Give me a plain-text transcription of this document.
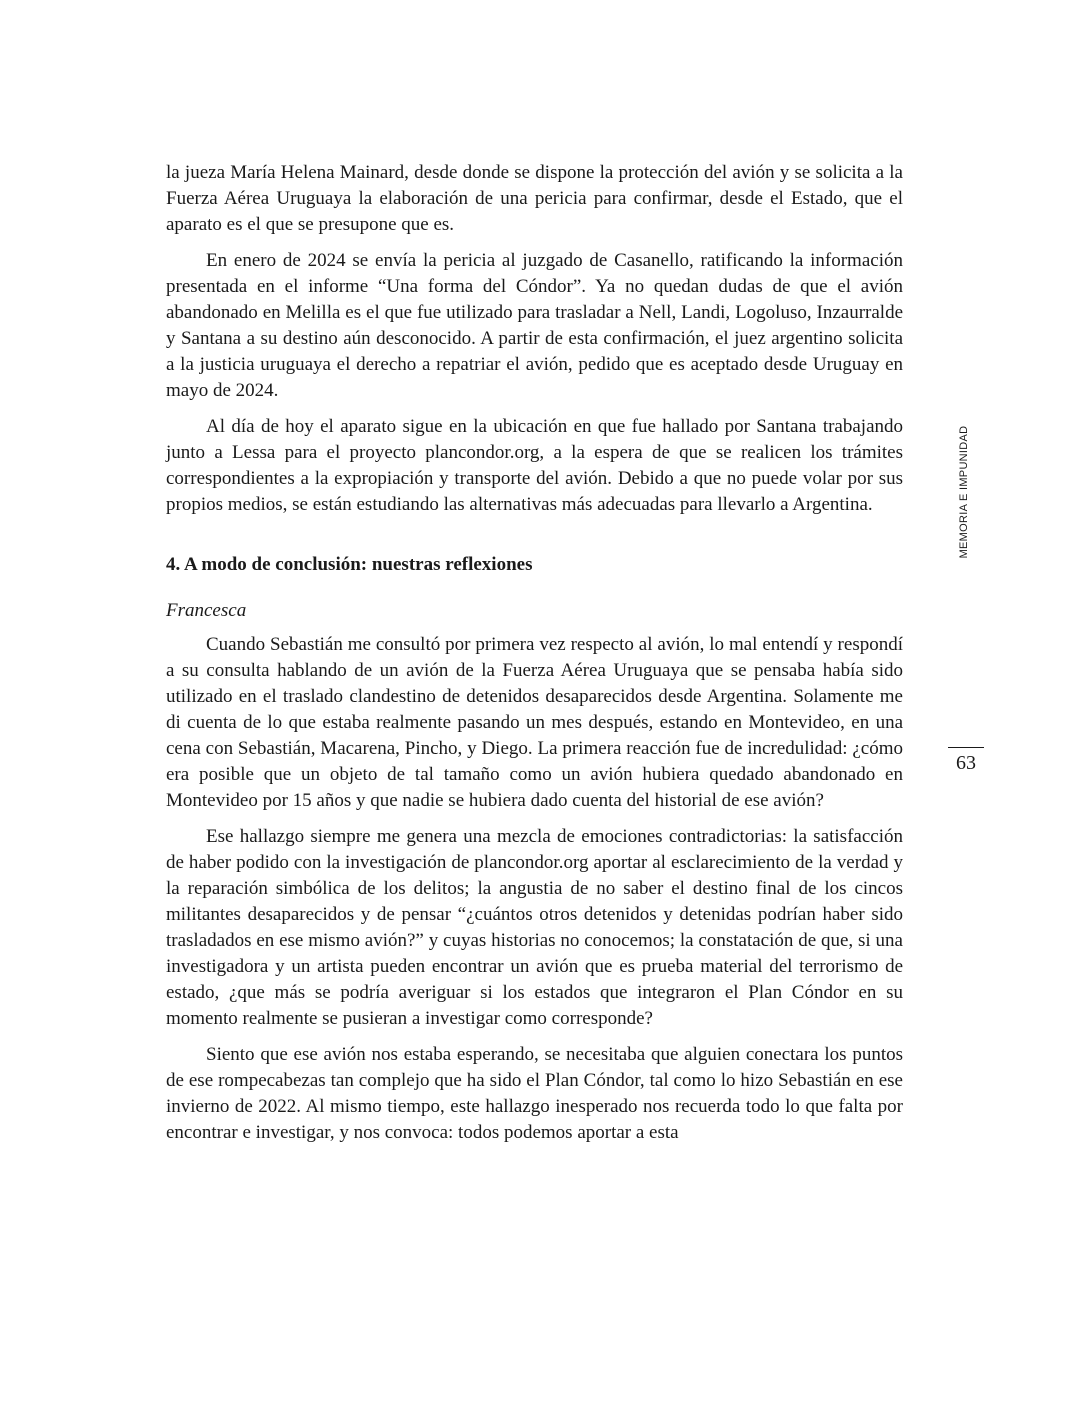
la jueza María Helena Mainard, desde donde se dispone la protección del avión y se solicita a la Fuerza Aérea Uruguaya la elaboración de una pericia para confirmar, desde el Estado, que el aparato es el que se presupone que es.

En enero de 2024 se envía la pericia al juzgado de Casanello, ratificando la información presentada en el informe “Una forma del Cóndor”. Ya no quedan dudas de que el avión abandonado en Melilla es el que fue utilizado para trasladar a Nell, Landi, Logoluso, Inzaurralde y Santana a su destino aún desconocido. A partir de esta confirmación, el juez argentino solicita a la justicia uruguaya el derecho a repatriar el avión, pedido que es aceptado desde Uruguay en mayo de 2024.

Al día de hoy el aparato sigue en la ubicación en que fue hallado por Santana trabajando junto a Lessa para el proyecto plancondor.org, a la espera de que se realicen los trámites correspondientes a la expropiación y transporte del avión. Debido a que no puede volar por sus propios medios, se están estudiando las alternativas más adecuadas para llevarlo a Argentina.

4. A modo de conclusión: nuestras reflexiones
Francesca

Cuando Sebastián me consultó por primera vez respecto al avión, lo mal entendí y respondí a su consulta hablando de un avión de la Fuerza Aérea Uruguaya que se pensaba había sido utilizado en el traslado clandestino de detenidos desaparecidos desde Argentina. Solamente me di cuenta de lo que estaba realmente pasando un mes después, estando en Montevideo, en una cena con Sebastián, Macarena, Pincho, y Diego. La primera reacción fue de incredulidad: ¿cómo era posible que un objeto de tal tamaño como un avión hubiera quedado abandonado en Montevideo por 15 años y que nadie se hubiera dado cuenta del historial de ese avión?

Ese hallazgo siempre me genera una mezcla de emociones contradictorias: la satisfacción de haber podido con la investigación de plancondor.org aportar al esclarecimiento de la verdad y la reparación simbólica de los delitos; la angustia de no saber el destino final de los cincos militantes desaparecidos y de pensar “¿cuántos otros detenidos y detenidas podrían haber sido trasladados en ese mismo avión?” y cuyas historias no conocemos; la constatación de que, si una investigadora y un artista pueden encontrar un avión que es prueba material del terrorismo de estado, ¿que más se podría averiguar si los estados que integraron el Plan Cóndor en su momento realmente se pusieran a investigar como corresponde?

Siento que ese avión nos estaba esperando, se necesitaba que alguien conectara los puntos de ese rompecabezas tan complejo que ha sido el Plan Cóndor, tal como lo hizo Sebastián en ese invierno de 2022. Al mismo tiempo, este hallazgo inesperado nos recuerda todo lo que falta por encontrar e investigar, y nos convoca: todos podemos aportar a esta

MEMORIA E IMPUNIDAD
63
